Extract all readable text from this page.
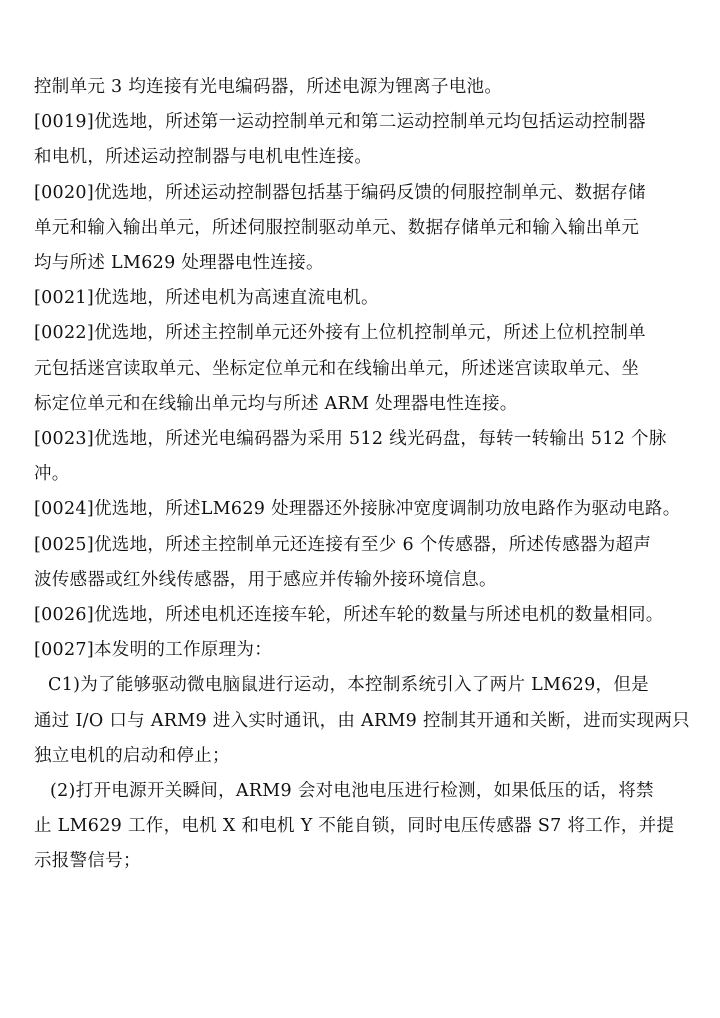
控制单元 3 均连接有光电编码器，所述电源为锂离子电池。
[0019]优选地，所述第一运动控制单元和第二运动控制单元均包括运动控制器
和电机，所述运动控制器与电机电性连接。
[0020]优选地，所述运动控制器包括基于编码反馈的伺服控制单元、数据存储
单元和输入输出单元，所述伺服控制驱动单元、数据存储单元和输入输出单元
均与所述 LM629 处理器电性连接。
[0021]优选地，所述电机为高速直流电机。
[0022]优选地，所述主控制单元还外接有上位机控制单元，所述上位机控制单
元包括迷宫读取单元、坐标定位单元和在线输出单元，所述迷宫读取单元、坐
标定位单元和在线输出单元均与所述 ARM 处理器电性连接。
[0023]优选地，所述光电编码器为采用 512 线光码盘，每转一转输出 512 个脉
冲。
[0024]优选地，所述LM629 处理器还外接脉冲宽度调制功放电路作为驱动电路。
[0025]优选地，所述主控制单元还连接有至少 6 个传感器，所述传感器为超声
波传感器或红外线传感器，用于感应并传输外接环境信息。
[0026]优选地，所述电机还连接车轮，所述车轮的数量与所述电机的数量相同。
[0027]本发明的工作原理为：
C1)为了能够驱动微电脑鼠进行运动，本控制系统引入了两片 LM629，但是
通过 I/O 口与 ARM9 进入实时通讯，由 ARM9 控制其开通和关断，进而实现两只
独立电机的启动和停止；
(2)打开电源开关瞬间，ARM9 会对电池电压进行检测，如果低压的话，将禁
止 LM629 工作，电机 X 和电机 Y 不能自锁，同时电压传感器 S7 将工作，并提
示报警信号；
